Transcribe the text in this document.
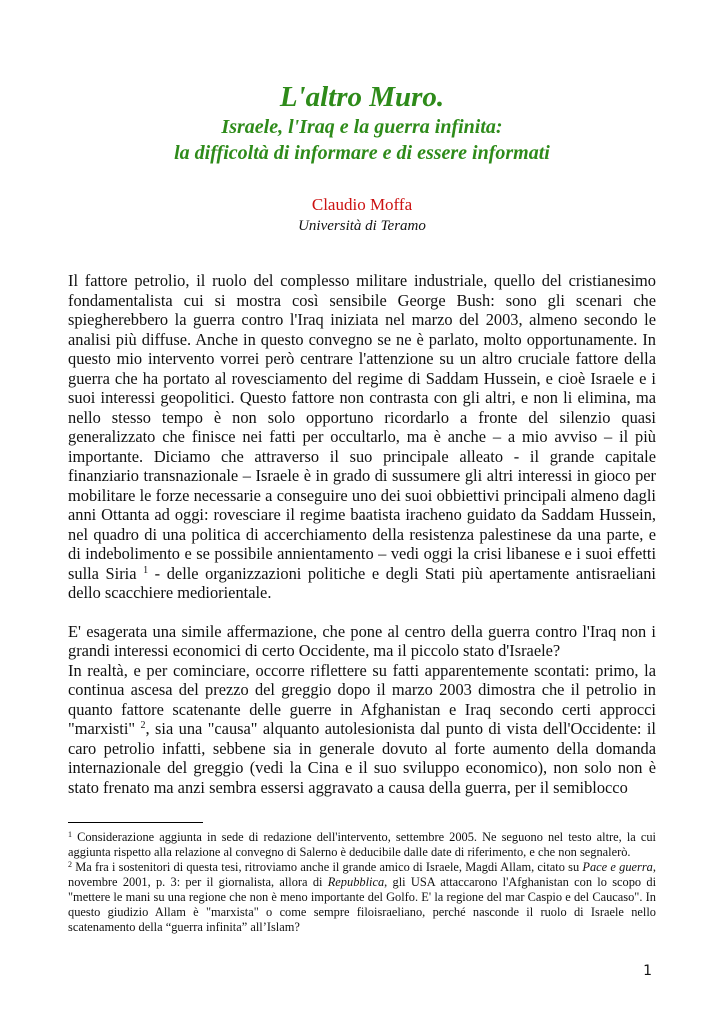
L'altro Muro.
Israele, l'Iraq e la guerra infinita:
la difficoltà di informare e di essere informati
Claudio Moffa
Università di Teramo

Il fattore petrolio, il ruolo del complesso militare industriale, quello del cristianesimo fondamentalista cui si mostra così sensibile George Bush: sono gli scenari che spiegherebbero la guerra contro l'Iraq iniziata nel marzo del 2003, almeno secondo le analisi più diffuse. Anche in questo convegno se ne è parlato, molto opportunamente. In questo mio intervento vorrei però centrare l'attenzione su un altro cruciale fattore della guerra che ha portato al rovesciamento del regime di Saddam Hussein, e cioè Israele e i suoi interessi geopolitici. Questo fattore non contrasta con gli altri, e non li elimina, ma nello stesso tempo è non solo opportuno ricordarlo a fronte del silenzio quasi generalizzato che finisce nei fatti per occultarlo, ma è anche – a mio avviso – il più importante. Diciamo che attraverso il suo principale alleato - il grande capitale finanziario transnazionale – Israele è in grado di sussumere gli altri interessi in gioco per mobilitare le forze necessarie a conseguire uno dei suoi obbiettivi principali almeno dagli anni Ottanta ad oggi: rovesciare il regime baatista iracheno guidato da Saddam Hussein, nel quadro di una politica di accerchiamento della resistenza palestinese da una parte, e di indebolimento e se possibile annientamento – vedi oggi la crisi libanese e i suoi effetti sulla Siria $^1$ - delle organizzazioni politiche e degli Stati più apertamente antisraeliani dello scacchiere mediorientale.

E' esagerata una simile affermazione, che pone al centro della guerra contro l'Iraq non i grandi interessi economici di certo Occidente, ma il piccolo stato d'Israele?

In realtà, e per cominciare, occorre riflettere su fatti apparentemente scontati: primo, la continua ascesa del prezzo del greggio dopo il marzo 2003 dimostra che il petrolio in quanto fattore scatenante delle guerre in Afghanistan e Iraq secondo certi approcci "marxisti" $^2$, sia una "causa" alquanto autolesionista dal punto di vista dell'Occidente: il caro petrolio infatti, sebbene sia in generale dovuto al forte aumento della domanda internazionale del greggio (vedi la Cina e il suo sviluppo economico), non solo non è stato frenato ma anzi sembra essersi aggravato a causa della guerra, per il semiblocco

$^1$ Considerazione aggiunta in sede di redazione dell'intervento, settembre 2005. Ne seguono nel testo altre, la cui aggiunta rispetto alla relazione al convegno di Salerno è deducibile dalle date di riferimento, e che non segnalerò.

$^2$ Ma fra i sostenitori di questa tesi, ritroviamo anche il grande amico di Israele, Magdi Allam, citato su Pace e guerra, novembre 2001, p. 3: per il giornalista, allora di Repubblica, gli USA attaccarono l'Afghanistan con lo scopo di "mettere le mani su una regione che non è meno importante del Golfo. E' la regione del mar Caspio e del Caucaso". In questo giudizio Allam è "marxista" o come sempre filoisraeliano, perché nasconde il ruolo di Israele nello scatenamento della “guerra infinita” all’Islam?

1
